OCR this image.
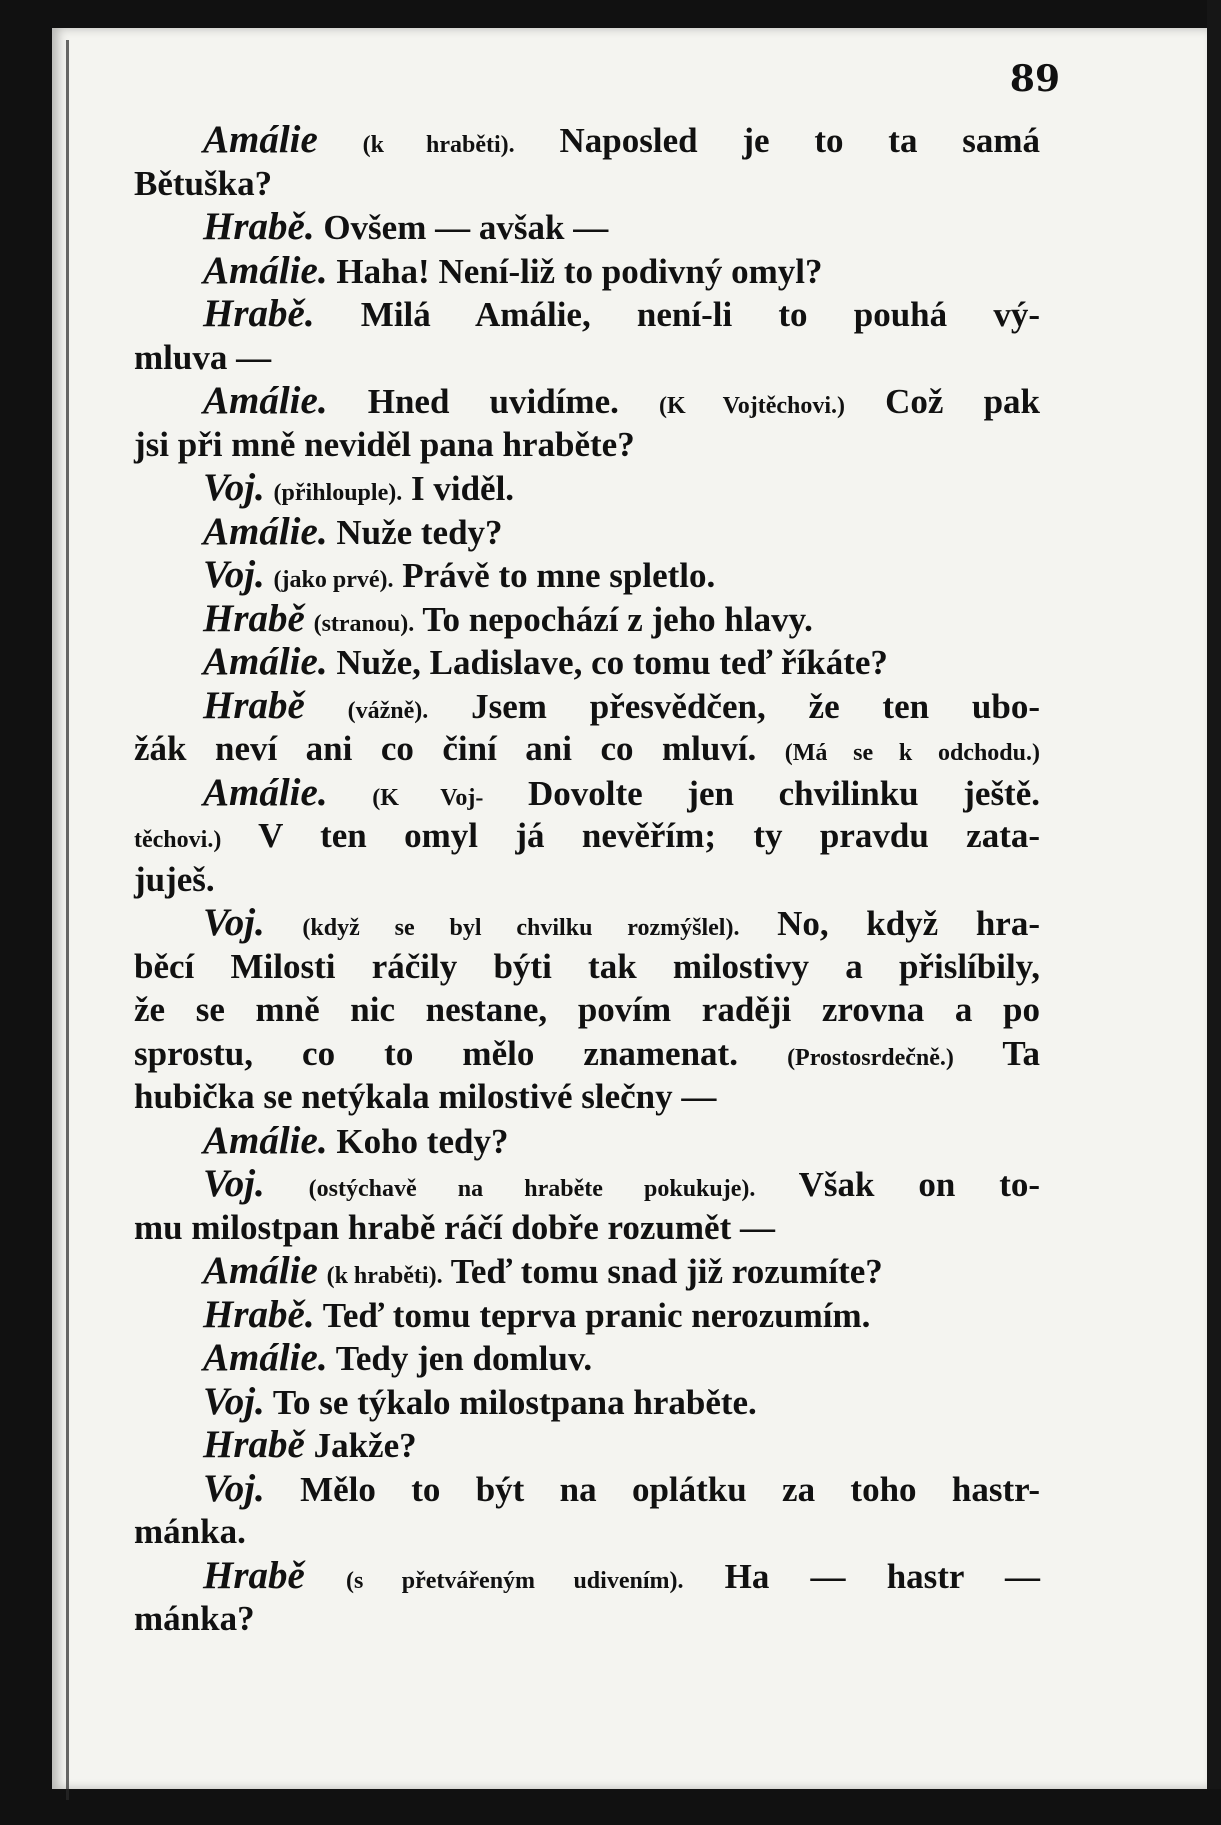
89
Amálie (k hraběti). Naposled je to ta samá
Bětuška?
Hrabě. Ovšem — avšak —
Amálie. Haha! Není-liž to podivný omyl?
Hrabě. Milá Amálie, není-li to pouhá vý-
mluva —
Amálie. Hned uvidíme. (K Vojtěchovi.) Což pak
jsi při mně neviděl pana hraběte?
Voj. (přihlouple). I viděl.
Amálie. Nuže tedy?
Voj. (jako prvé). Právě to mne spletlo.
Hrabě (stranou). To nepochází z jeho hlavy.
Amálie. Nuže, Ladislave, co tomu teď říkáte?
Hrabě (vážně). Jsem přesvědčen, že ten ubo-
žák neví ani co činí ani co mluví. (Má se k odchodu.)
Amálie. (K Voj- Dovolte jen chvilinku ještě.
těchovi.) V ten omyl já nevěřím; ty pravdu zata-
juješ.
Voj. (když se byl chvilku rozmýšlel). No, když hra-
běcí Milosti ráčily býti tak milostivy a přislíbily,
že se mně nic nestane, povím raději zrovna a po
sprostu, co to mělo znamenat. (Prostosrdečně.) Ta
hubička se netýkala milostivé slečny —
Amálie. Koho tedy?
Voj. (ostýchavě na hraběte pokukuje). Však on to-
mu milostpan hrabě ráčí dobře rozumět —
Amálie (k hraběti). Teď tomu snad již rozumíte?
Hrabě. Teď tomu teprva pranic nerozumím.
Amálie. Tedy jen domluv.
Voj. To se týkalo milostpana hraběte.
Hrabě Jakže?
Voj. Mělo to být na oplátku za toho hastr-
mánka.
Hrabě (s přetvářeným udivením). Ha — hastr —
mánka?
